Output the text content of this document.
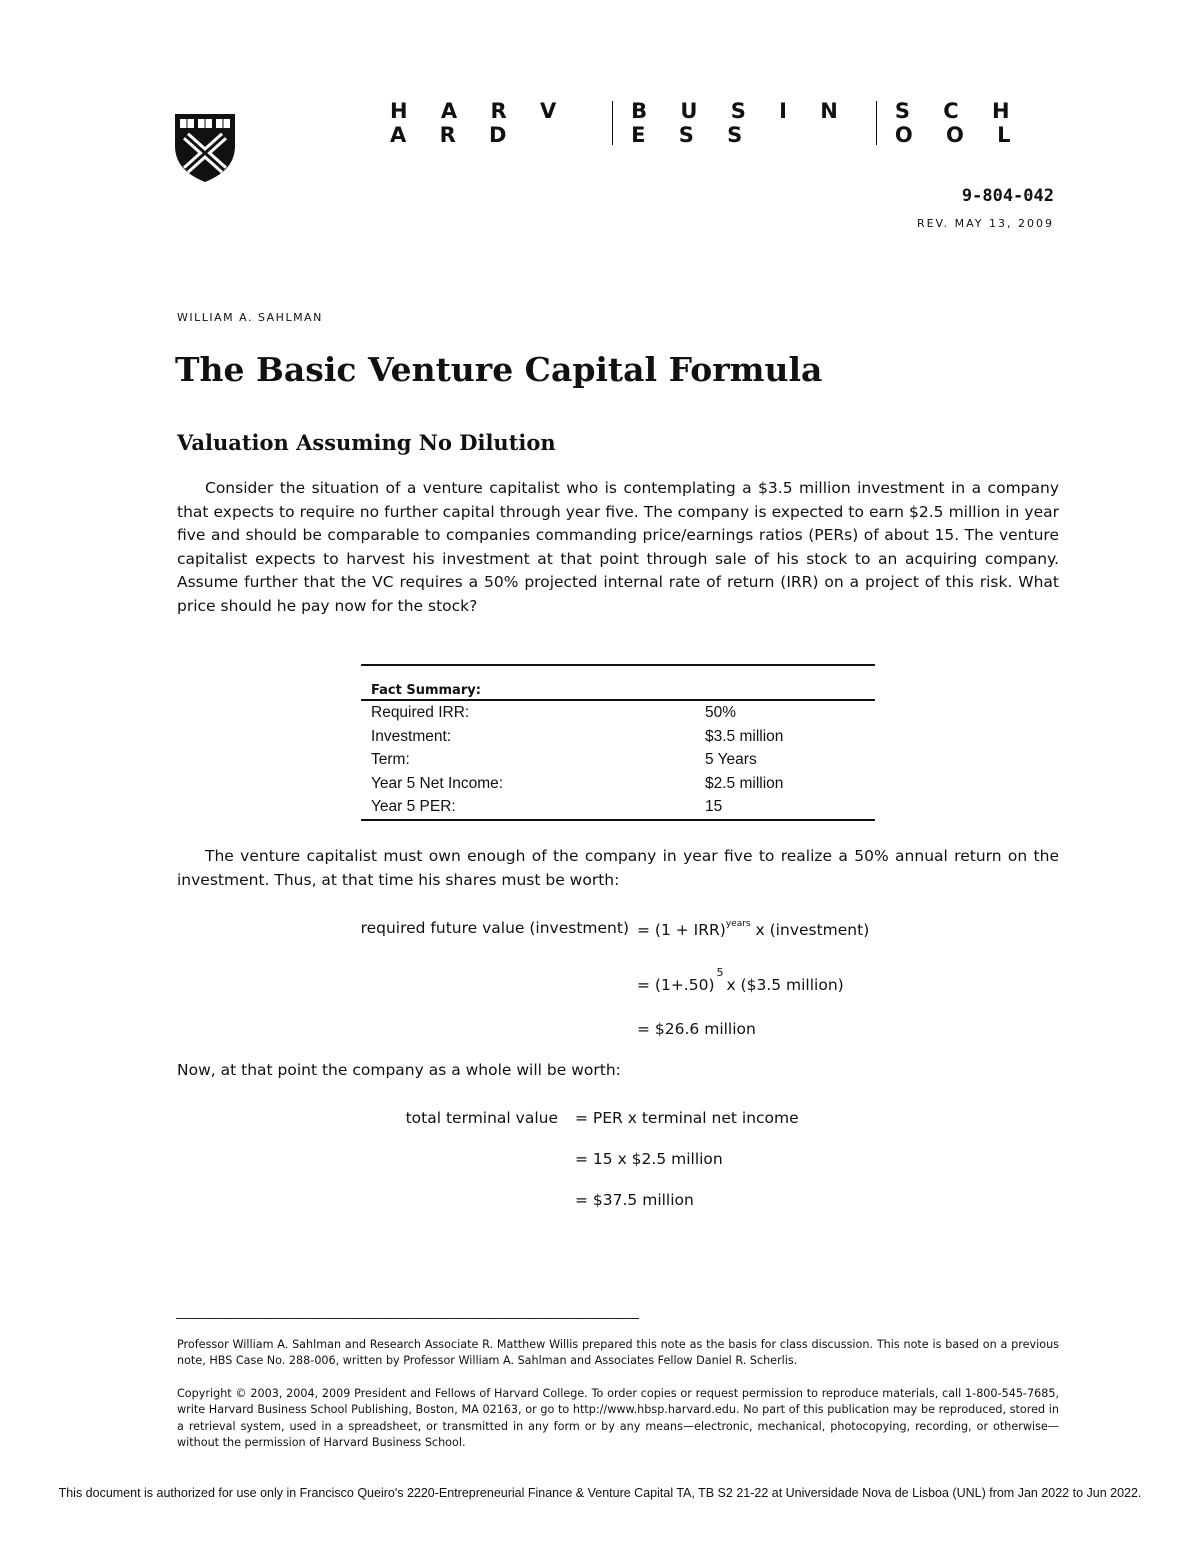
H A R V A R D
B U S I N E S S
S C H O O L
9-804-042
REV. MAY 13, 2009
WILLIAM A. SAHLMAN
The Basic Venture Capital Formula
Valuation Assuming No Dilution

Consider the situation of a venture capitalist who is contemplating a $3.5 million investment in a company that expects to require no further capital through year five. The company is expected to earn $2.5 million in year five and should be comparable to companies commanding price/earnings ratios (PERs) of about 15. The venture capitalist expects to harvest his investment at that point through sale of his stock to an acquiring company. Assume further that the VC requires a 50% projected internal rate of return (IRR) on a project of this risk. What price should he pay now for the stock?

Fact Summary:	
Required IRR:	50%
Investment:	$3.5 million
Term:	5 Years
Year 5 Net Income:	$2.5 million
Year 5 PER:	15

The venture capitalist must own enough of the company in year five to realize a 50% annual return on the investment. Thus, at that time his shares must be worth:

required future value (investment) = (1 + IRR)$^{years}$ x (investment)
= $(1+.50)^5$ x ($3.5 million)
= $26.6 million

Now, at that point the company as a whole will be worth:

total terminal value = PER x terminal net income
= 15 x $2.5 million
= $37.5 million
____________________________________________________________________________________

Professor William A. Sahlman and Research Associate R. Matthew Willis prepared this note as the basis for class discussion. This note is based on a previous note, HBS Case No. 288-006, written by Professor William A. Sahlman and Associates Fellow Daniel R. Scherlis.

Copyright © 2003, 2004, 2009 President and Fellows of Harvard College. To order copies or request permission to reproduce materials, call 1-800-545-7685, write Harvard Business School Publishing, Boston, MA 02163, or go to http://www.hbsp.harvard.edu. No part of this publication may be reproduced, stored in a retrieval system, used in a spreadsheet, or transmitted in any form or by any means—electronic, mechanical, photocopying, recording, or otherwise—without the permission of Harvard Business School.

This document is authorized for use only in Francisco Queiro's 2220-Entrepreneurial Finance & Venture Capital TA, TB S2 21-22 at Universidade Nova de Lisboa (UNL) from Jan 2022 to Jun 2022.
